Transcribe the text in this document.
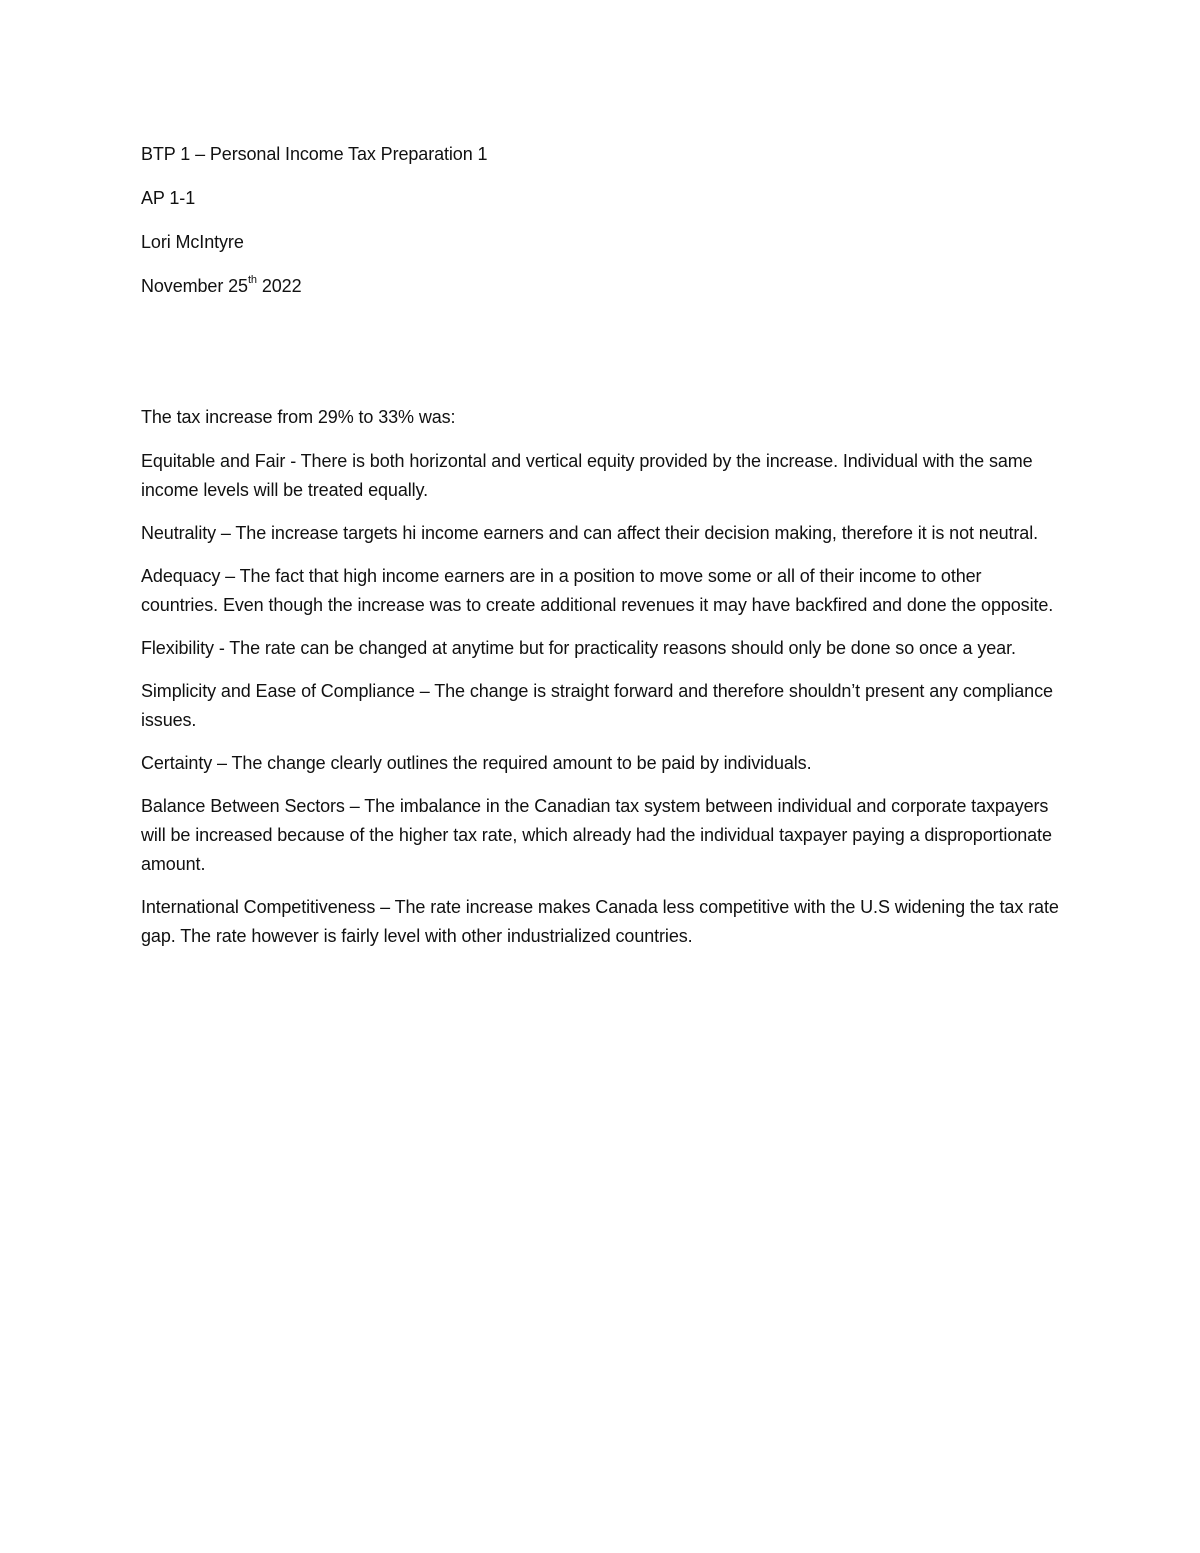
BTP 1 – Personal Income Tax Preparation 1

AP 1-1

Lori McIntyre

November 25th 2022

The tax increase from 29% to 33% was:

Equitable and Fair - There is both horizontal and vertical equity provided by the increase. Individual with the same income levels will be treated equally.

Neutrality – The increase targets hi income earners and can affect their decision making, therefore it is not neutral.

Adequacy – The fact that high income earners are in a position to move some or all of their income to other countries. Even though the increase was to create additional revenues it may have backfired and done the opposite.

Flexibility - The rate can be changed at anytime but for practicality reasons should only be done so once a year.

Simplicity and Ease of Compliance – The change is straight forward and therefore shouldn’t present any compliance issues.

Certainty – The change clearly outlines the required amount to be paid by individuals.

Balance Between Sectors – The imbalance in the Canadian tax system between individual and corporate taxpayers will be increased because of the higher tax rate, which already had the individual taxpayer paying a disproportionate amount.

International Competitiveness – The rate increase makes Canada less competitive with the U.S widening the tax rate gap. The rate however is fairly level with other industrialized countries.
